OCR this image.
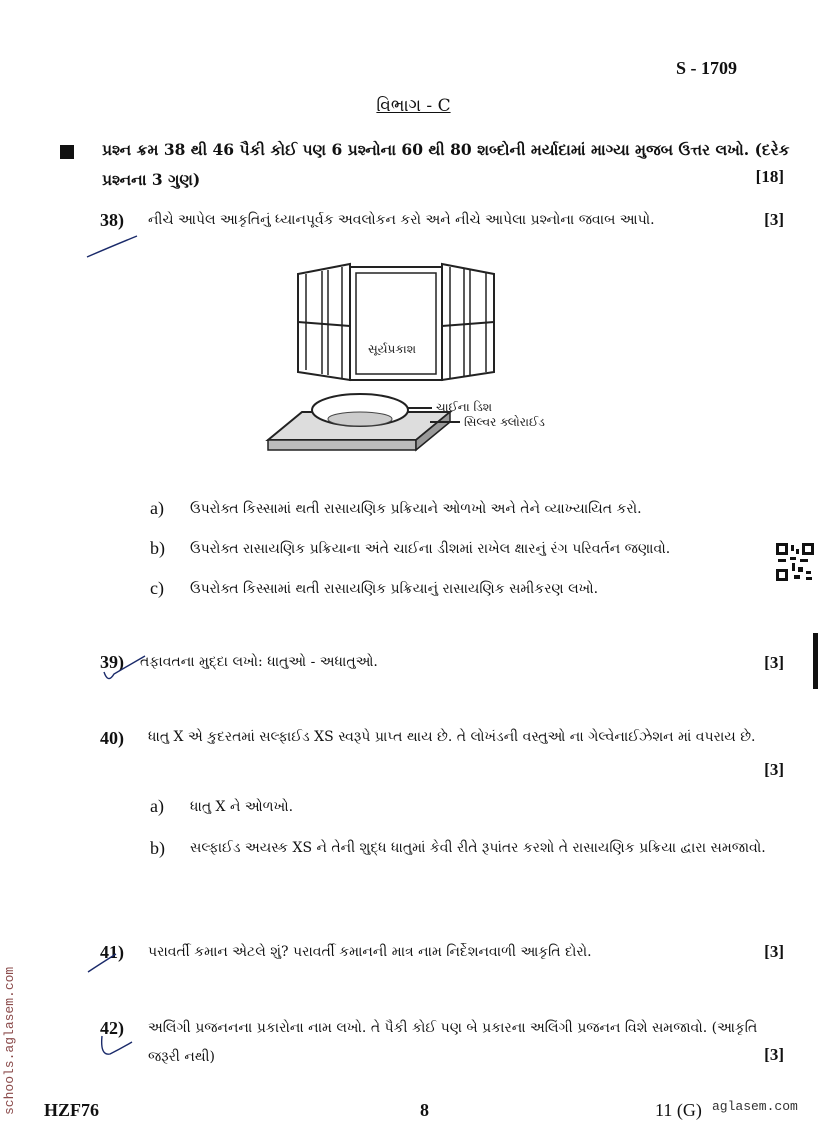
S - 1709
વિભાગ - C
પ્રશ્ન ક્રમ 38 થી 46 પૈકી કોઈ પણ 6 પ્રશ્નોના 60 થી 80 શબ્દોની મર્યાદામાં માગ્યા મુજબ ઉત્તર લખો. (દરેક પ્રશ્નના 3 ગુણ)	[18]
38) નીચે આપેલ આકૃતિનું ધ્યાનપૂર્વક અવલોકન કરો અને નીચે આપેલા પ્રશ્નોના જવાબ આપો.	[3]
સૂર્યપ્રકાશ
ચાઈના ડિશ
સિલ્વર ક્લોરાઈડ
a) ઉપરોક્ત કિસ્સામાં થતી રાસાયણિક પ્રક્રિયાને ઓળખો અને તેને વ્યાખ્યાયિત કરો.
b) ઉપરોક્ત રાસાયણિક પ્રક્રિયાના અંતે ચાઈના ડીશમાં રાખેલ ક્ષારનું રંગ પરિવર્તન જણાવો.
c) ઉપરોક્ત કિસ્સામાં થતી રાસાયણિક પ્રક્રિયાનું રાસાયણિક સમીકરણ લખો.
39) તફાવતના મુદ્દા લખો: ધાતુઓ - અધાતુઓ.	[3]
40) ધાતુ X એ કુદરતમાં સલ્ફાઈડ XS સ્વરૂપે પ્રાપ્ત થાય છે. તે લોખંડની વસ્તુઓ ના ગેલ્વેનાઈઝેશન માં વપરાય છે.
[3]
a) ધાતુ X ને ઓળખો.
b) સલ્ફાઈડ અયસ્ક XS ને તેની શુદ્ધ ધાતુમાં કેવી રીતે રૂપાંતર કરશો તે રાસાયણિક પ્રક્રિયા દ્વારા સમજાવો.
41) પરાવર્તી કમાન એટલે શું? પરાવર્તી કમાનની માત્ર નામ નિર્દેશનવાળી આકૃતિ દોરો.	[3]
42) અલિંગી પ્રજનનના પ્રકારોના નામ લખો. તે પૈકી કોઈ પણ બે પ્રકારના અલિંગી પ્રજનન વિશે સમજાવો. (આકૃતિ જરૂરી નથી)	[3]
HZF76	8	11 (G)
schools.aglasem.com	aglasem.com
